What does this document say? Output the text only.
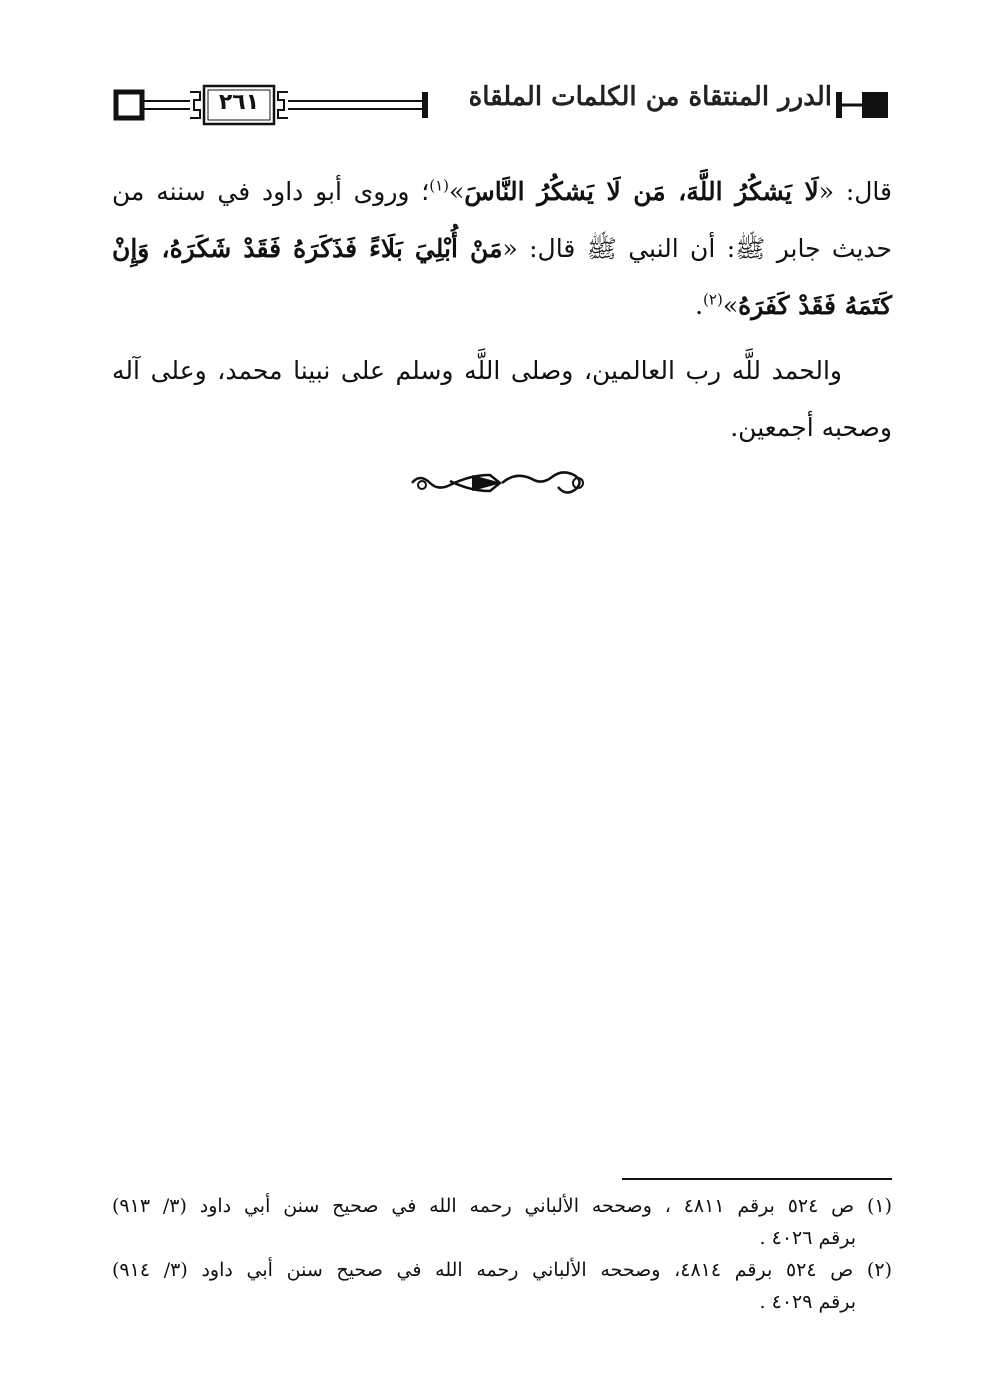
٢٦١	الدرر المنتقاة من الكلمات الملقاة

قال: «لَا يَشكُرُ اللَّهَ، مَن لَا يَشكُرُ النَّاسَ»$^{(١)}$؛ وروى أبو داود في سننه من حديث جابر ﷺ: أن النبي ﷺ قال: «مَنْ أُبْلِيَ بَلَاءً فَذَكَرَهُ فَقَدْ شَكَرَهُ، وَإِنْ كَتَمَهُ فَقَدْ كَفَرَهُ»$^{(٢)}$.

والحمد للَّه رب العالمين، وصلى اللَّه وسلم على نبينا محمد، وعلى آله وصحبه أجمعين.

(١) ص ٥٢٤ برقم ٤٨١١ ، وصححه الألباني رحمه الله في صحيح سنن أبي داود (٣/ ٩١٣)
برقم ٤٠٢٦ .
(٢) ص ٥٢٤ برقم ٤٨١٤، وصححه الألباني رحمه الله في صحيح سنن أبي داود (٣/ ٩١٤)
برقم ٤٠٢٩ .
